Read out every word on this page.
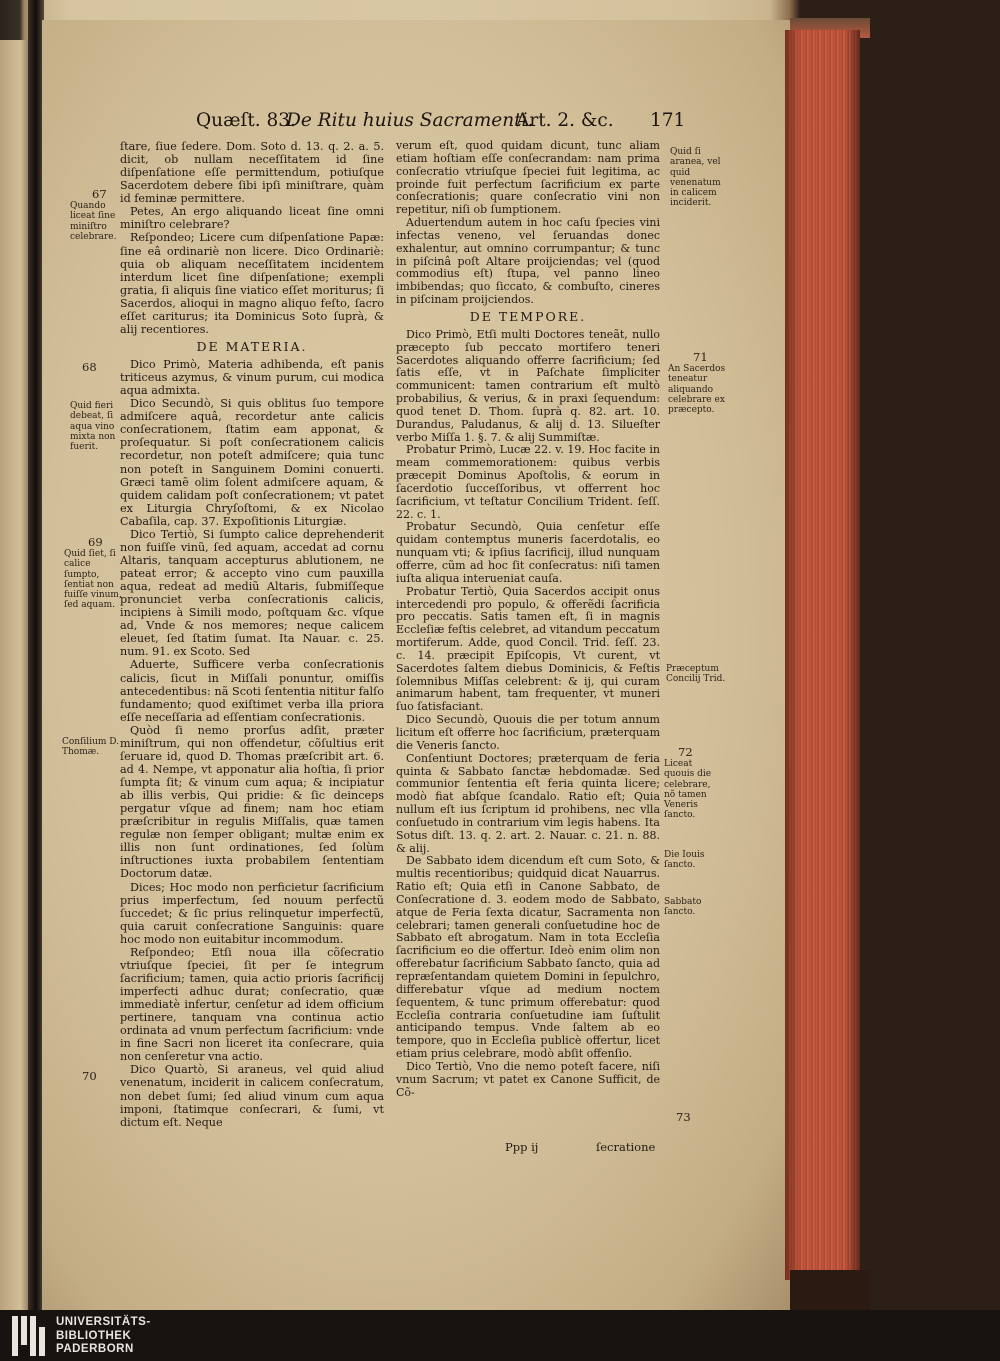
Quæſt. 83.
De Ritu huius Sacramenti.
Art. 2. &c. 171

ſtare, ſiue ſedere. Dom. Soto d. 13. q. 2. a. 5. dicit, ob nullam neceſſitatem id ſine diſpenſatione eſſe permittendum, potiuſque Sacerdotem debere ſibi ipſi miniſtrare, quàm id feminæ permittere.

Petes, An ergo aliquando liceat ſine omni miniſtro celebrare?

Reſpondeo; Licere cum diſpenſatione Papæ: ſine eâ ordinariè non licere. Dico Ordinariè: quia ob aliquam neceſſitatem incidentem interdum licet ſine diſpenſatione; exempli gratia, ſi aliquis ſine viatico eſſet moriturus; ſi Sacerdos, alioqui in magno aliquo feſto, ſacro eſſet cariturus; ita Dominicus Soto ſuprà, & alij recentiores.

DE MATERIA.

Dico Primò, Materia adhibenda, eſt panis triticeus azymus, & vinum purum, cui modica aqua admixta.

Dico Secundò, Si quis oblitus ſuo tempore admiſcere aquâ, recordetur ante calicis conſecrationem, ſtatim eam apponat, & proſequatur. Si poſt conſecrationem calicis recordetur, non poteſt admiſcere; quia tunc non poteſt in Sanguinem Domini conuerti. Græci tamẽ olim ſolent admiſcere aquam, & quidem calidam poſt conſecrationem; vt patet ex Liturgia Chryſoſtomi, & ex Nicolao Cabaſila, cap. 37. Expoſitionis Liturgiæ.

Dico Tertiò, Si ſumpto calice deprehenderit non fuiſſe vinũ, ſed aquam, accedat ad cornu Altaris, tanquam accepturus ablutionem, ne pateat error; & accepto vino cum pauxilla aqua, redeat ad mediũ Altaris, ſubmiſſeque pronunciet verba conſecrationis calicis, incipiens à Simili modo, poſtquam &c. vſque ad, Vnde & nos memores; neque calicem eleuet, ſed ſtatim ſumat. Ita Nauar. c. 25. num. 91. ex Scoto. Sed

Aduerte, Sufficere verba conſecrationis calicis, ſicut in Miſſali ponuntur, omiſſis antecedentibus: nã Scoti ſententia nititur falſo fundamento; quod exiſtimet verba illa priora eſſe neceſſaria ad eſſentiam conſecrationis.

Quòd ſi nemo prorſus adſit, præter miniſtrum, qui non offendetur, cõſultius erit ſeruare id, quod D. Thomas præſcribit art. 6. ad 4. Nempe, vt apponatur alia hoſtia, ſi prior ſumpta ſit; & vinum cum aqua; & incipiatur ab illis verbis, Qui pridie: & ſic deinceps pergatur vſque ad finem; nam hoc etiam præſcribitur in regulis Miſſalis, quæ tamen regulæ non ſemper obligant; multæ enim ex illis non ſunt ordinationes, ſed ſolùm inſtructiones iuxta probabilem ſententiam Doctorum datæ.

Dices; Hoc modo non perficietur ſacrificium prius imperfectum, ſed nouum perfectũ ſuccedet; & ſic prius relinquetur imperfectũ, quia caruit conſecratione Sanguinis: quare hoc modo non euitabitur incommodum.

Reſpondeo; Etſi noua illa cõſecratio vtriuſque ſpeciei, ſit per ſe integrum ſacrificium; tamen, quia actio prioris ſacrificij imperfecti adhuc durat; conſecratio, quæ immediatè infertur, cenſetur ad idem officium pertinere, tanquam vna continua actio ordinata ad vnum perfectum ſacrificium: vnde in fine Sacri non liceret ita conſecrare, quia non cenſeretur vna actio.

Dico Quartò, Si araneus, vel quid aliud venenatum, inciderit in calicem conſecratum, non debet ſumi; ſed aliud vinum cum aqua imponi, ſtatimque conſecrari, & ſumi, vt dictum eſt. Neque

verum eſt, quod quidam dicunt, tunc aliam etiam hoſtiam eſſe conſecrandam: nam prima conſecratio vtriuſque ſpeciei fuit legitima, ac proinde fuit perfectum ſacrificium ex parte conſecrationis; quare conſecratio vini non repetitur, niſi ob ſumptionem.

Aduertendum autem in hoc caſu ſpecies vini infectas veneno, vel ſeruandas donec exhalentur, aut omnino corrumpantur; & tunc in piſcinâ poſt Altare proijciendas; vel (quod commodius eſt) ſtupa, vel panno lineo imbibendas; quo ſiccato, & combuſto, cineres in piſcinam proijciendos.

DE TEMPORE.

Dico Primò, Etſi multi Doctores teneãt, nullo præcepto ſub peccato mortifero teneri Sacerdotes aliquando offerre ſacrificium; ſed ſatis eſſe, vt in Paſchate ſimpliciter communicent: tamen contrarium eſt multò probabilius, & verius, & in praxi ſequendum: quod tenet D. Thom. ſuprà q. 82. art. 10. Durandus, Paludanus, & alij d. 13. Silueſter verbo Miſſa 1. §. 7. & alij Summiſtæ.

Probatur Primò, Lucæ 22. v. 19. Hoc facite in meam commemorationem: quibus verbis præcepit Dominus Apoſtolis, & eorum in ſacerdotio ſucceſſoribus, vt offerrent hoc ſacrificium, vt teſtatur Concilium Trident. ſeſſ. 22. c. 1.

Probatur Secundò, Quia cenſetur eſſe quidam contemptus muneris ſacerdotalis, eo nunquam vti; & ipſius ſacrificij, illud nunquam offerre, cũm ad hoc ſit conſecratus: niſi tamen iuſta aliqua interueniat cauſa.

Probatur Tertiò, Quia Sacerdos accipit onus intercedendi pro populo, & offerẽdi ſacrificia pro peccatis. Satis tamen eſt, ſi in magnis Eccleſiæ feſtis celebret, ad vitandum peccatum mortiferum. Adde, quod Concil. Trid. ſeſſ. 23. c. 14. præcipit Epiſcopis, Vt curent, vt Sacerdotes ſaltem diebus Dominicis, & Feſtis ſolemnibus Miſſas celebrent: & ij, qui curam animarum habent, tam frequenter, vt muneri ſuo ſatisfaciant.

Dico Secundò, Quouis die per totum annum licitum eſt offerre hoc ſacrificium, præterquam die Veneris ſancto.

Conſentiunt Doctores; præterquam de feria quinta & Sabbato ſanctæ hebdomadæ. Sed communior ſententia eſt feria quinta licere; modò fiat abſque ſcandalo. Ratio eſt; Quia nullum eſt ius ſcriptum id prohibens, nec vlla conſuetudo in contrarium vim legis habens. Ita Sotus diſt. 13. q. 2. art. 2. Nauar. c. 21. n. 88. & alij.

De Sabbato idem dicendum eſt cum Soto, & multis recentioribus; quidquid dicat Nauarrus. Ratio eſt; Quia etſi in Canone Sabbato, de Conſecratione d. 3. eodem modo de Sabbato, atque de Feria ſexta dicatur, Sacramenta non celebrari; tamen generali conſuetudine hoc de Sabbato eſt abrogatum. Nam in tota Eccleſia ſacrificium eo die offertur. Ideò enim olim non offerebatur ſacrificium Sabbato ſancto, quia ad repræſentandam quietem Domini in ſepulchro, differebatur vſque ad medium noctem ſequentem, & tunc primum offerebatur: quod Eccleſia contraria conſuetudine iam ſuſtulit anticipando tempus. Vnde ſaltem ab eo tempore, quo in Eccleſia publicè offertur, licet etiam prius celebrare, modò abſit offenſio.

Dico Tertiò, Vno die nemo poteſt facere, niſi vnum Sacrum; vt patet ex Canone Sufficit, de Cõ-

67
Quando liceat ſine miniſtro celebrare.
68
Quid fieri debeat, ſi aqua vino mixta non fuerit.
69
Quid ſiet, ſi calice ſumpto, ſentiat non fuiſſe vinum, ſed aquam.
Conſilium D. Thomæ.
70
Quid ſi aranea, vel quid venenatum in calicem inciderit.
71
An Sacerdos teneatur aliquando celebrare ex præcepto.
Præceptum Concilij Trid.
72
Liceat quouis die celebrare, nõ tamen Veneris ſancto.
Die Iouis ſancto.
Sabbato ſancto.
73
Ppp ij	ſecratione
UNIVERSITÄTS-
BIBLIOTHEK
PADERBORN
